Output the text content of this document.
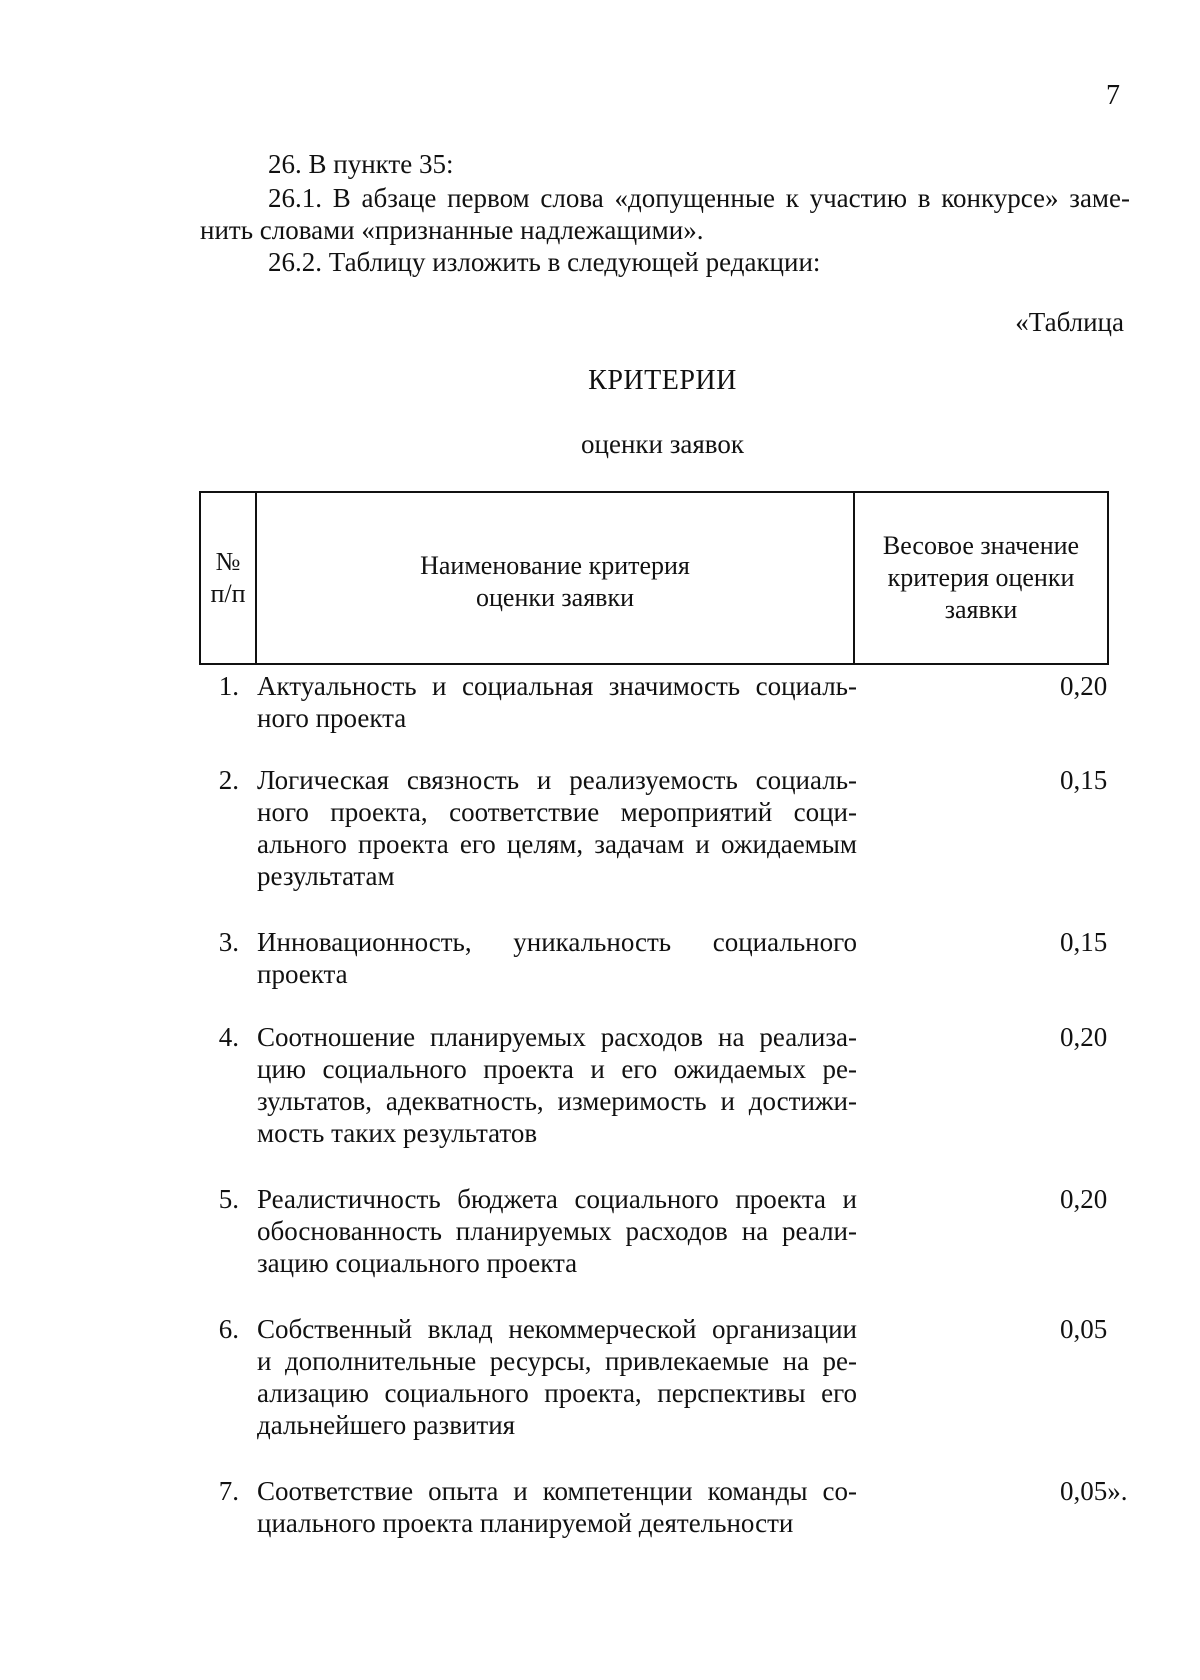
7
26. В пункте 35:
26.1. В абзаце первом слова «допущенные к участию в конкурсе» заме-
нить словами «признанные надлежащими».
26.2. Таблицу изложить в следующей редакции:
«Таблица
КРИТЕРИИ
оценки заявок
№
п/п
Наименование критерия
оценки заявки
Весовое значение
критерия оценки
заявки
1. Актуальность и социальная значимость социаль-
ного проекта
0,20
2. Логическая связность и реализуемость социаль-
ного проекта, соответствие мероприятий соци-
ального проекта его целям, задачам и ожидаемым
результатам
0,15
3. Инновационность, уникальность социального
проекта
0,15
4. Соотношение планируемых расходов на реализа-
цию социального проекта и его ожидаемых ре-
зультатов, адекватность, измеримость и достижи-
мость таких результатов
0,20
5. Реалистичность бюджета социального проекта и
обоснованность планируемых расходов на реали-
зацию социального проекта
0,20
6. Собственный вклад некоммерческой организации
и дополнительные ресурсы, привлекаемые на ре-
ализацию социального проекта, перспективы его
дальнейшего развития
0,05
7. Соответствие опыта и компетенции команды со-
циального проекта планируемой деятельности
0,05».
